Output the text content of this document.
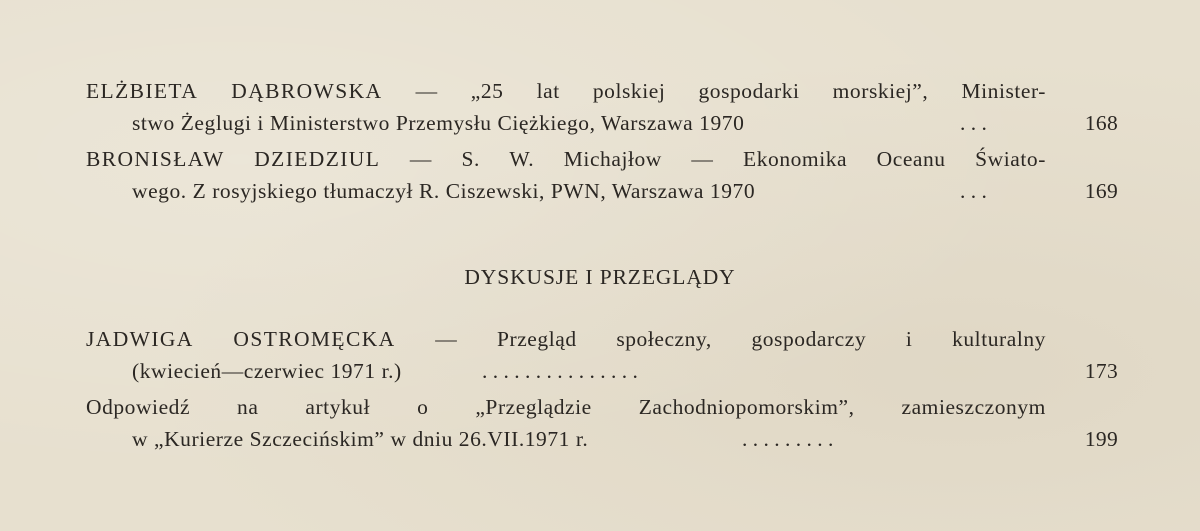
ELŻBIETA DĄBROWSKA — „25 lat polskiej gospodarki morskiej”, Minister-
stwo Żeglugi i Ministerstwo Przemysłu Ciężkiego, Warszawa 1970	. . .	168
BRONISŁAW DZIEDZIUL — S. W. Michajłow — Ekonomika Oceanu Światо-
wego. Z rosyjskiego tłumaczył R. Ciszewski, PWN, Warszawa 1970	. . .	169
DYSKUSJE I PRZEGLĄDY
JADWIGA OSTROMĘCKA — Przegląd społeczny, gospodarczy i kulturalny
(kwiecień—czerwiec 1971 r.)	. . . . . . . . . . . . . . .	173
Odpowiedź na artykuł o „Przeglądzie Zachodniopomorskim”, zamieszczonym
w „Kurierze Szczecińskim” w dniu 26.VII.1971 r.	. . . . . . . . .	199
